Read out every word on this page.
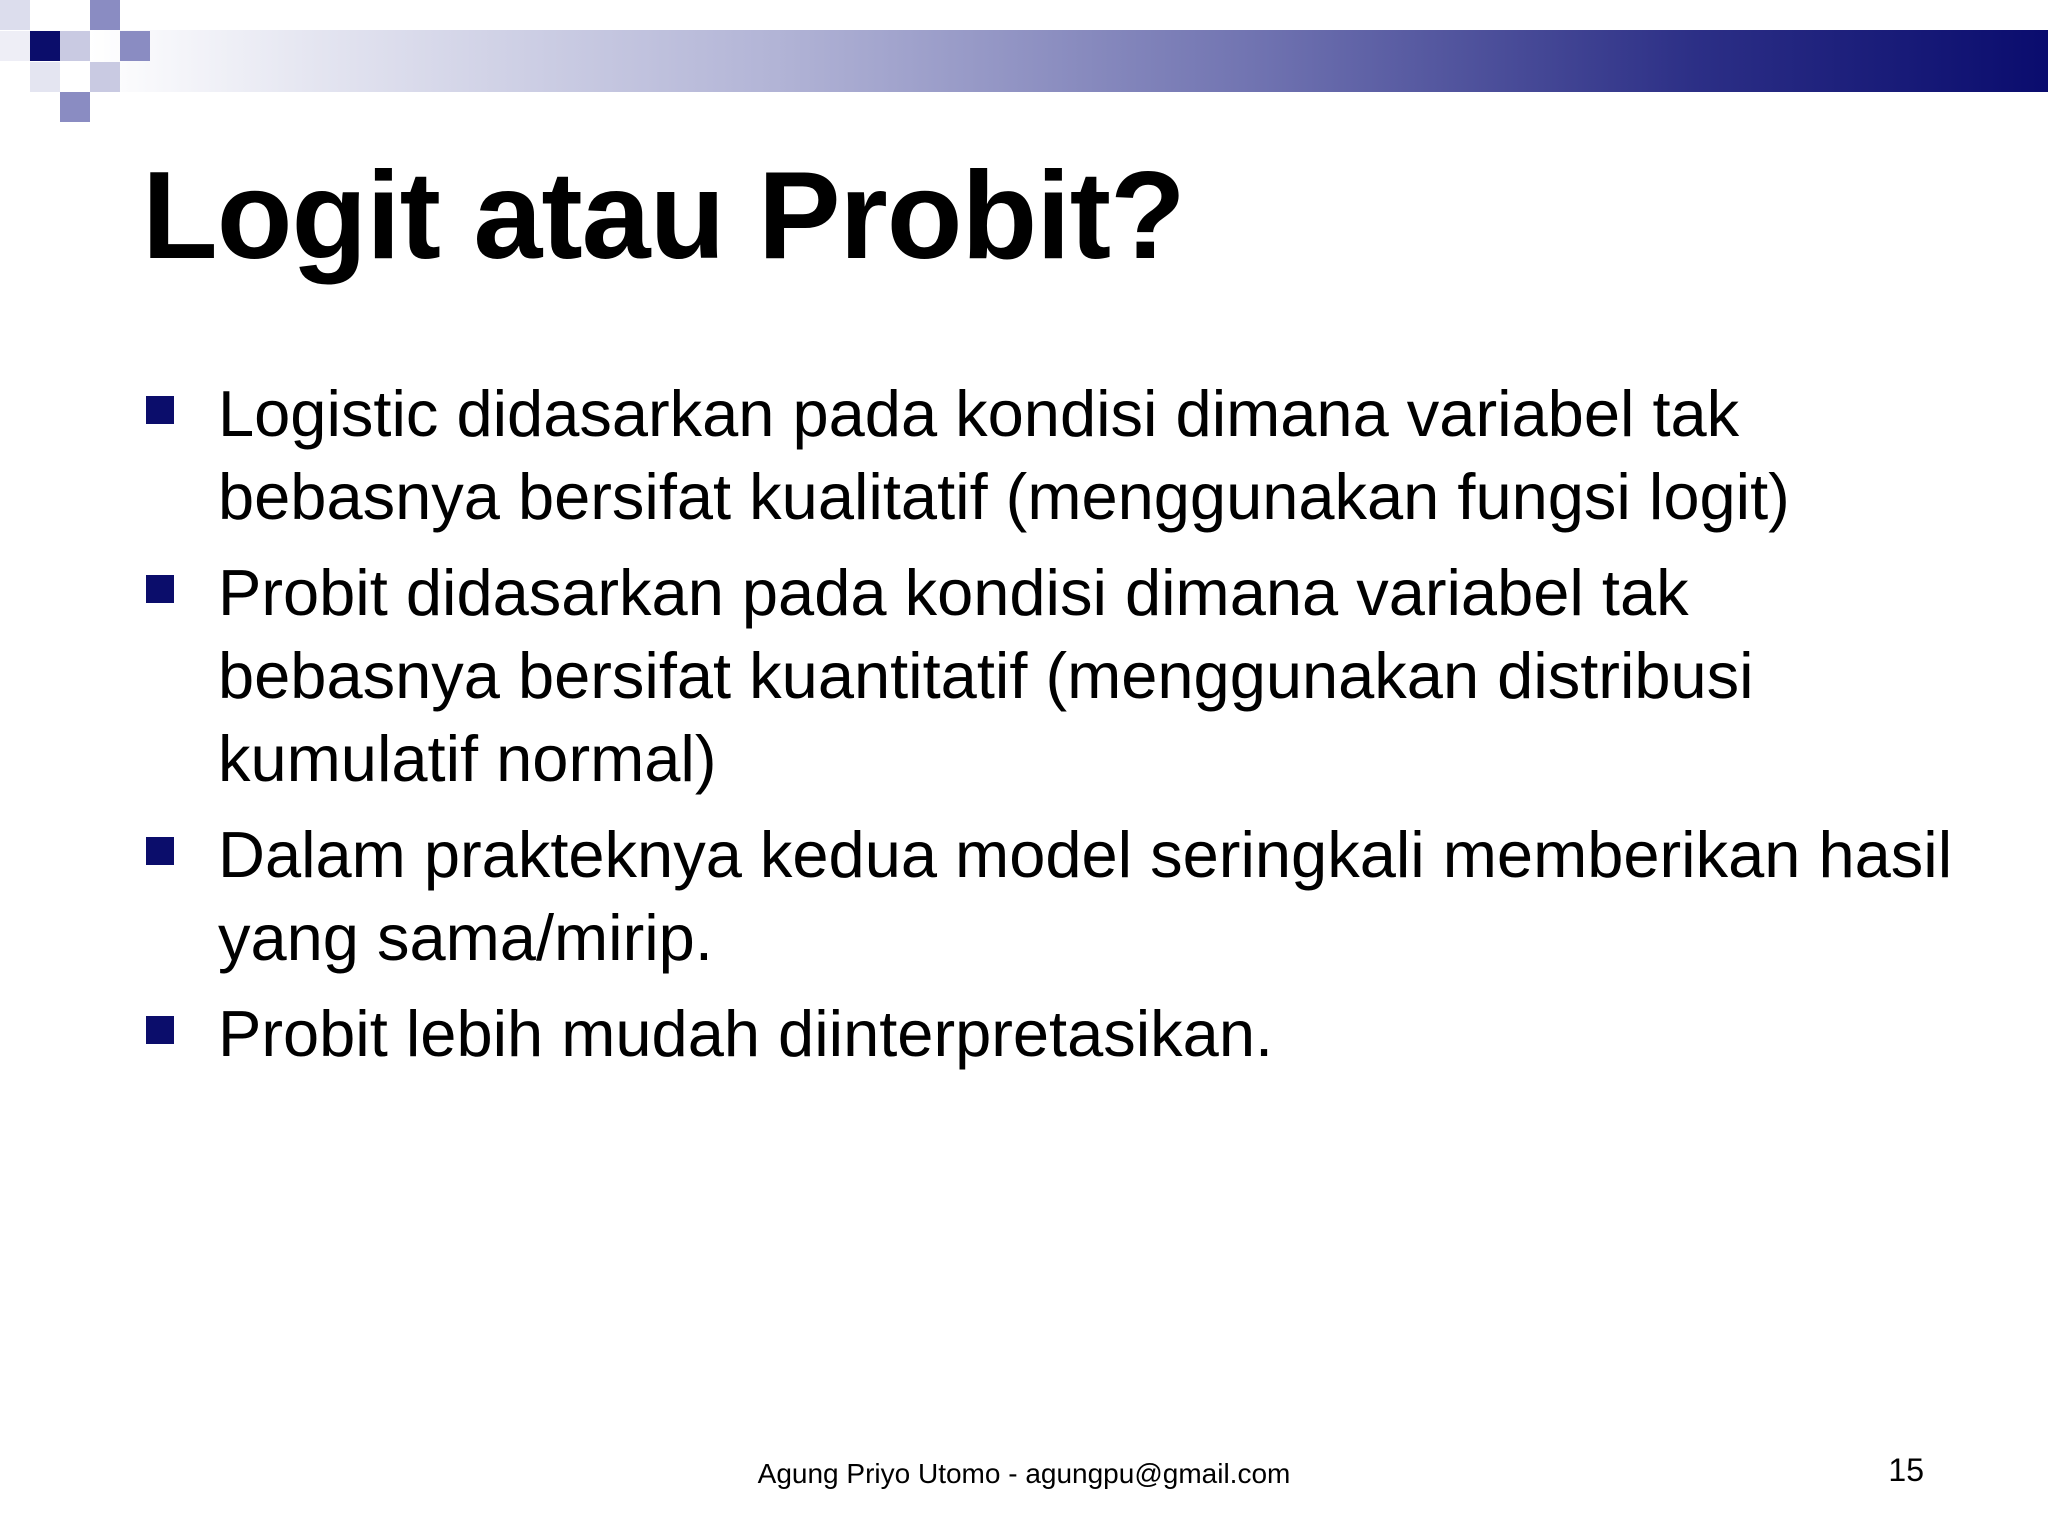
Logit atau Probit?
Logistic didasarkan pada kondisi dimana variabel tak bebasnya bersifat kualitatif (menggunakan fungsi logit)
Probit didasarkan pada kondisi dimana variabel tak bebasnya bersifat kuantitatif (menggunakan distribusi kumulatif normal)
Dalam prakteknya kedua model seringkali memberikan hasil yang sama/mirip.
Probit lebih mudah diinterpretasikan.
Agung Priyo Utomo - agungpu@gmail.com	15
